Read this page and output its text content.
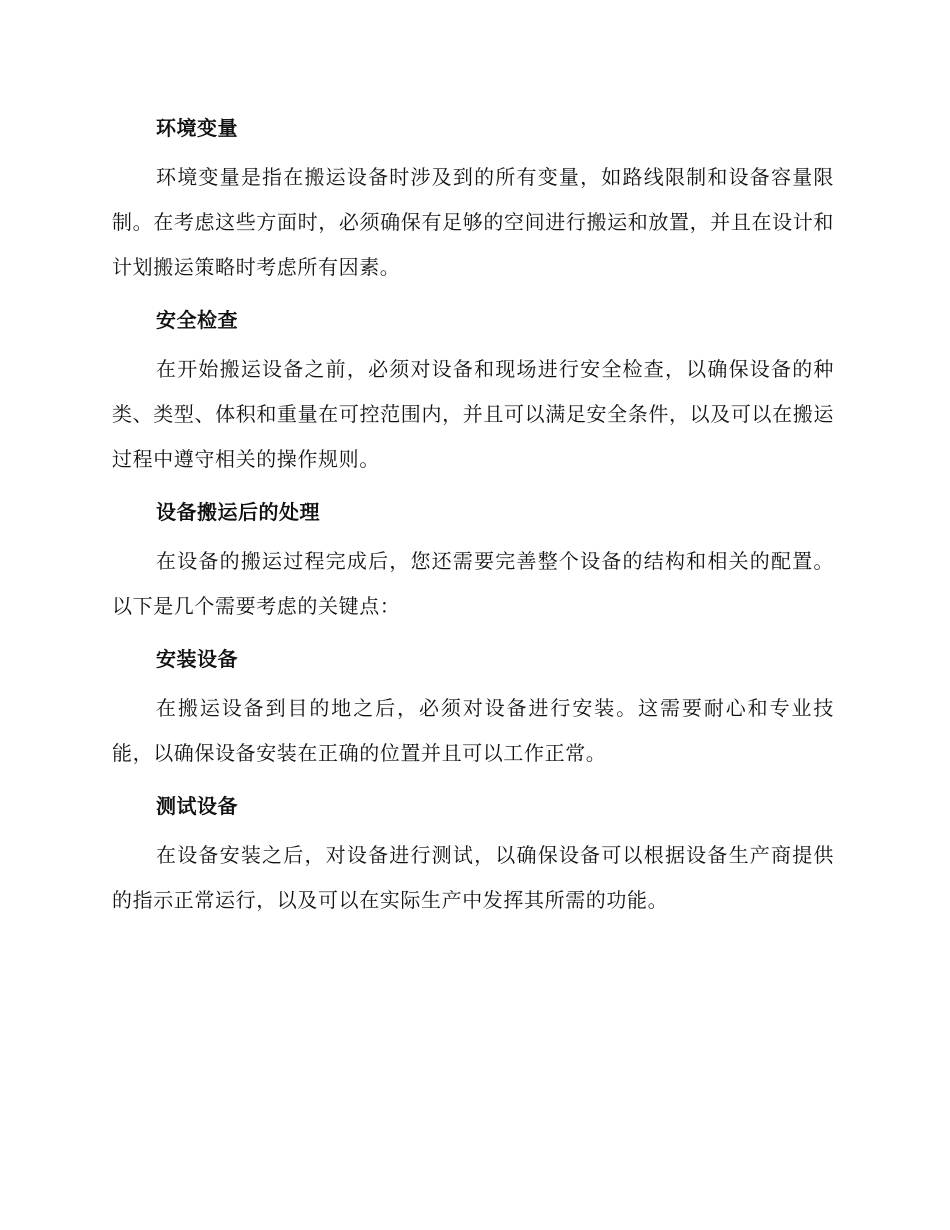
环境变量

环境变量是指在搬运设备时涉及到的所有变量，如路线限制和设备容量限制。在考虑这些方面时，必须确保有足够的空间进行搬运和放置，并且在设计和计划搬运策略时考虑所有因素。

安全检查

在开始搬运设备之前，必须对设备和现场进行安全检查，以确保设备的种类、类型、体积和重量在可控范围内，并且可以满足安全条件，以及可以在搬运过程中遵守相关的操作规则。

设备搬运后的处理

在设备的搬运过程完成后，您还需要完善整个设备的结构和相关的配置。以下是几个需要考虑的关键点：

安装设备

在搬运设备到目的地之后，必须对设备进行安装。这需要耐心和专业技能，以确保设备安装在正确的位置并且可以工作正常。

测试设备

在设备安装之后，对设备进行测试，以确保设备可以根据设备生产商提供的指示正常运行，以及可以在实际生产中发挥其所需的功能。
